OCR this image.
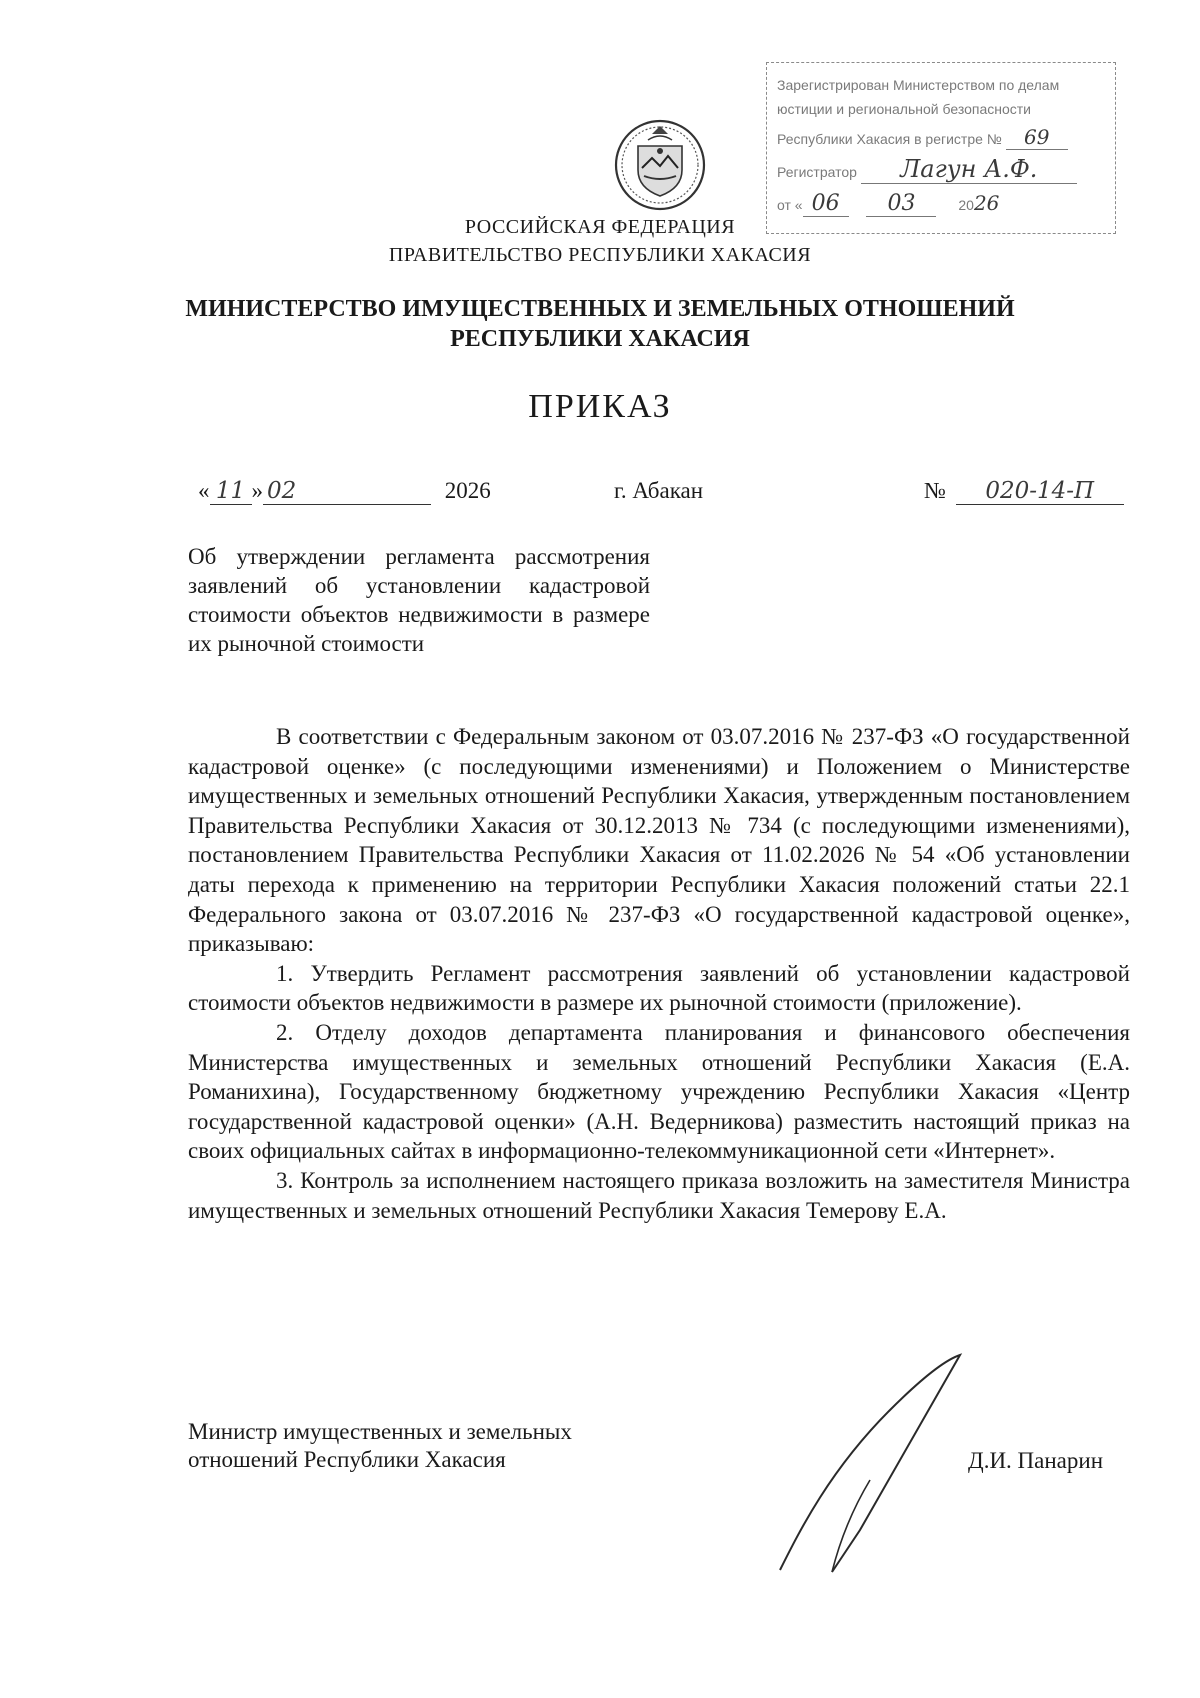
Зарегистрирован Министерством по делам
юстиции и региональной безопасности
Республики Хакасия в регистре № 69
Регистратор Лагун А.Ф.
от « 06 03	2026
РОССИЙСКАЯ ФЕДЕРАЦИЯ
ПРАВИТЕЛЬСТВО РЕСПУБЛИКИ ХАКАСИЯ
МИНИСТЕРСТВО ИМУЩЕСТВЕННЫХ И ЗЕМЕЛЬНЫХ ОТНОШЕНИЙ
РЕСПУБЛИКИ ХАКАСИЯ
ПРИКАЗ
« 11 » 02	2026	г. Абакан	№ 020-14-П
Об утверждении регламента рассмотрения заявлений об установлении кадастровой стоимости объектов недвижимости в размере их рыночной стоимости

В соответствии с Федеральным законом от 03.07.2016 № 237-ФЗ «О государственной кадастровой оценке» (с последующими изменениями) и Положением о Министерстве имущественных и земельных отношений Республики Хакасия, утвержденным постановлением Правительства Республики Хакасия от 30.12.2013 № 734 (с последующими изменениями), постановлением Правительства Республики Хакасия от 11.02.2026 № 54 «Об установлении даты перехода к применению на территории Республики Хакасия положений статьи 22.1 Федерального закона от 03.07.2016 № 237-ФЗ «О государственной кадастровой оценке», приказываю:

1. Утвердить Регламент рассмотрения заявлений об установлении кадастровой стоимости объектов недвижимости в размере их рыночной стоимости (приложение).

2. Отделу доходов департамента планирования и финансового обеспечения Министерства имущественных и земельных отношений Республики Хакасия (Е.А. Романихина), Государственному бюджетному учреждению Республики Хакасия «Центр государственной кадастровой оценки» (А.Н. Ведерникова) разместить настоящий приказ на своих официальных сайтах в информационно-телекоммуникационной сети «Интернет».

3. Контроль за исполнением настоящего приказа возложить на заместителя Министра имущественных и земельных отношений Республики Хакасия Темерову Е.А.

Министр имущественных и земельных
отношений Республики Хакасия	Д.И. Панарин
